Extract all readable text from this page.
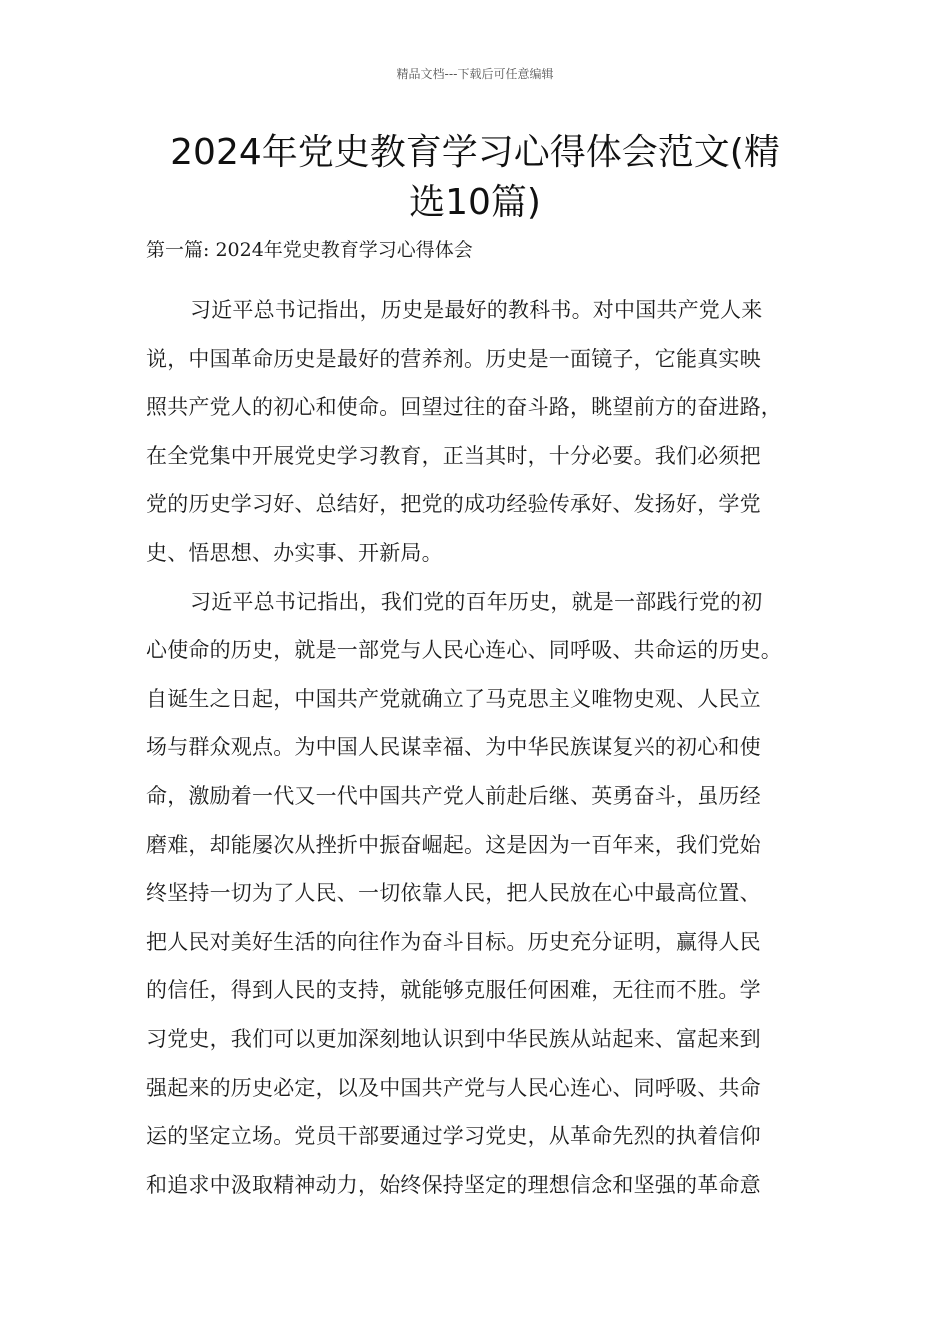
精品文档---下载后可任意编辑
2024年党史教育学习心得体会范文(精
选10篇)
第一篇: 2024年党史教育学习心得体会

习近平总书记指出，历史是最好的教科书。对中国共产党人来
说，中国革命历史是最好的营养剂。历史是一面镜子，它能真实映
照共产党人的初心和使命。回望过往的奋斗路，眺望前方的奋进路，
在全党集中开展党史学习教育，正当其时，十分必要。我们必须把
党的历史学习好、总结好，把党的成功经验传承好、发扬好，学党
史、悟思想、办实事、开新局。

习近平总书记指出，我们党的百年历史，就是一部践行党的初
心使命的历史，就是一部党与人民心连心、同呼吸、共命运的历史。
自诞生之日起，中国共产党就确立了马克思主义唯物史观、人民立
场与群众观点。为中国人民谋幸福、为中华民族谋复兴的初心和使
命，激励着一代又一代中国共产党人前赴后继、英勇奋斗，虽历经
磨难，却能屡次从挫折中振奋崛起。这是因为一百年来，我们党始
终坚持一切为了人民、一切依靠人民，把人民放在心中最高位置、
把人民对美好生活的向往作为奋斗目标。历史充分证明，赢得人民
的信任，得到人民的支持，就能够克服任何困难，无往而不胜。学
习党史，我们可以更加深刻地认识到中华民族从站起来、富起来到
强起来的历史必定，以及中国共产党与人民心连心、同呼吸、共命
运的坚定立场。党员干部要通过学习党史，从革命先烈的执着信仰
和追求中汲取精神动力，始终保持坚定的理想信念和坚强的革命意
